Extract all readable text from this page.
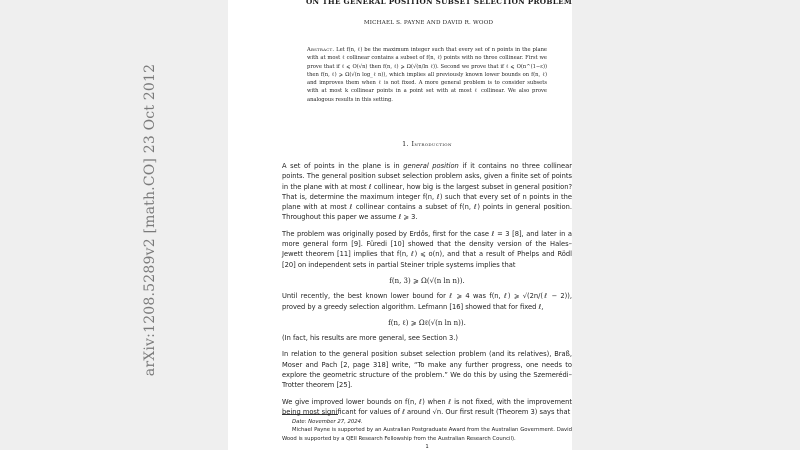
arXiv:1208.5289v2 [math.CO] 23 Oct 2012
ON THE GENERAL POSITION SUBSET SELECTION PROBLEM
MICHAEL S. PAYNE AND DAVID R. WOOD
Abstract. Let f(n, ℓ) be the maximum integer such that every set of n points in the plane with at most ℓ collinear contains a subset of f(n, ℓ) points with no three collinear. First we prove that if ℓ ⩽ O(√n) then f(n, ℓ) ⩾ Ω(√(n/ln ℓ)). Second we prove that if ℓ ⩽ O(n^(1−ε)) then f(n, ℓ) ⩾ Ω(√(n log_ℓ n)), which implies all previously known lower bounds on f(n, ℓ) and improves them when ℓ is not fixed. A more general problem is to consider subsets with at most k collinear points in a point set with at most ℓ collinear. We also prove analogous results in this setting.
1. Introduction

A set of points in the plane is in general position if it contains no three collinear points. The general position subset selection problem asks, given a finite set of points in the plane with at most ℓ collinear, how big is the largest subset in general position? That is, determine the maximum integer f(n, ℓ) such that every set of n points in the plane with at most ℓ collinear contains a subset of f(n, ℓ) points in general position. Throughout this paper we assume ℓ ⩾ 3.

The problem was originally posed by Erdős, first for the case ℓ = 3 [8], and later in a more general form [9]. Füredi [10] showed that the density version of the Hales–Jewett theorem [11] implies that f(n, ℓ) ⩽ o(n), and that a result of Phelps and Rödl [20] on independent sets in partial Steiner triple systems implies that

f(n, 3) ⩾ Ω(√(n ln n)).

Until recently, the best known lower bound for ℓ ⩾ 4 was f(n, ℓ) ⩾ √(2n/(ℓ − 2)), proved by a greedy selection algorithm. Lefmann [16] showed that for fixed ℓ,

f(n, ℓ) ⩾ Ωℓ(√(n ln n)).

(In fact, his results are more general, see Section 3.)

In relation to the general position subset selection problem (and its relatives), Braß, Moser and Pach [2, page 318] write, “To make any further progress, one needs to explore the geometric structure of the problem.” We do this by using the Szemerédi–Trotter theorem [25].

We give improved lower bounds on f(n, ℓ) when ℓ is not fixed, with the improvement being most significant for values of ℓ around √n. Our first result (Theorem 3) says that

Date: November 27, 2024.

Michael Payne is supported by an Australian Postgraduate Award from the Australian Government. David Wood is supported by a QEII Research Fellowship from the Australian Research Council).

1
